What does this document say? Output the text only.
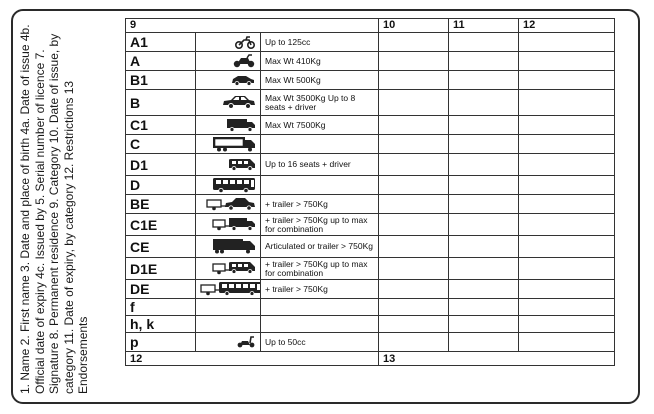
1. Name 2. First name 3. Date and place of birth 4a. Date of issue 4b. Official date of expiry 4c. Issued by 5. Serial number of licence 7. Signature 8. Permanent residence 9. Category 10. Date of issue, by category 11. Date of expiry, by category 12. Restrictions 13 Endorsements
9			10	11	12
A1		Up to 125cc			
A		Max Wt 410Kg			
B1		Max Wt 500Kg			
B		Max Wt 3500Kg Up to 8 seats + driver			
C1		Max Wt 7500Kg			
C					
D1		Up to 16 seats + driver			
D					
BE		+ trailer > 750Kg			
C1E		+ trailer > 750Kg up to max for combination			
CE		Articulated or trailer > 750Kg			
D1E		+ trailer > 750Kg up to max for combination			
DE		+ trailer > 750Kg			
f					
h, k					
p		Up to 50cc			
12			13		
